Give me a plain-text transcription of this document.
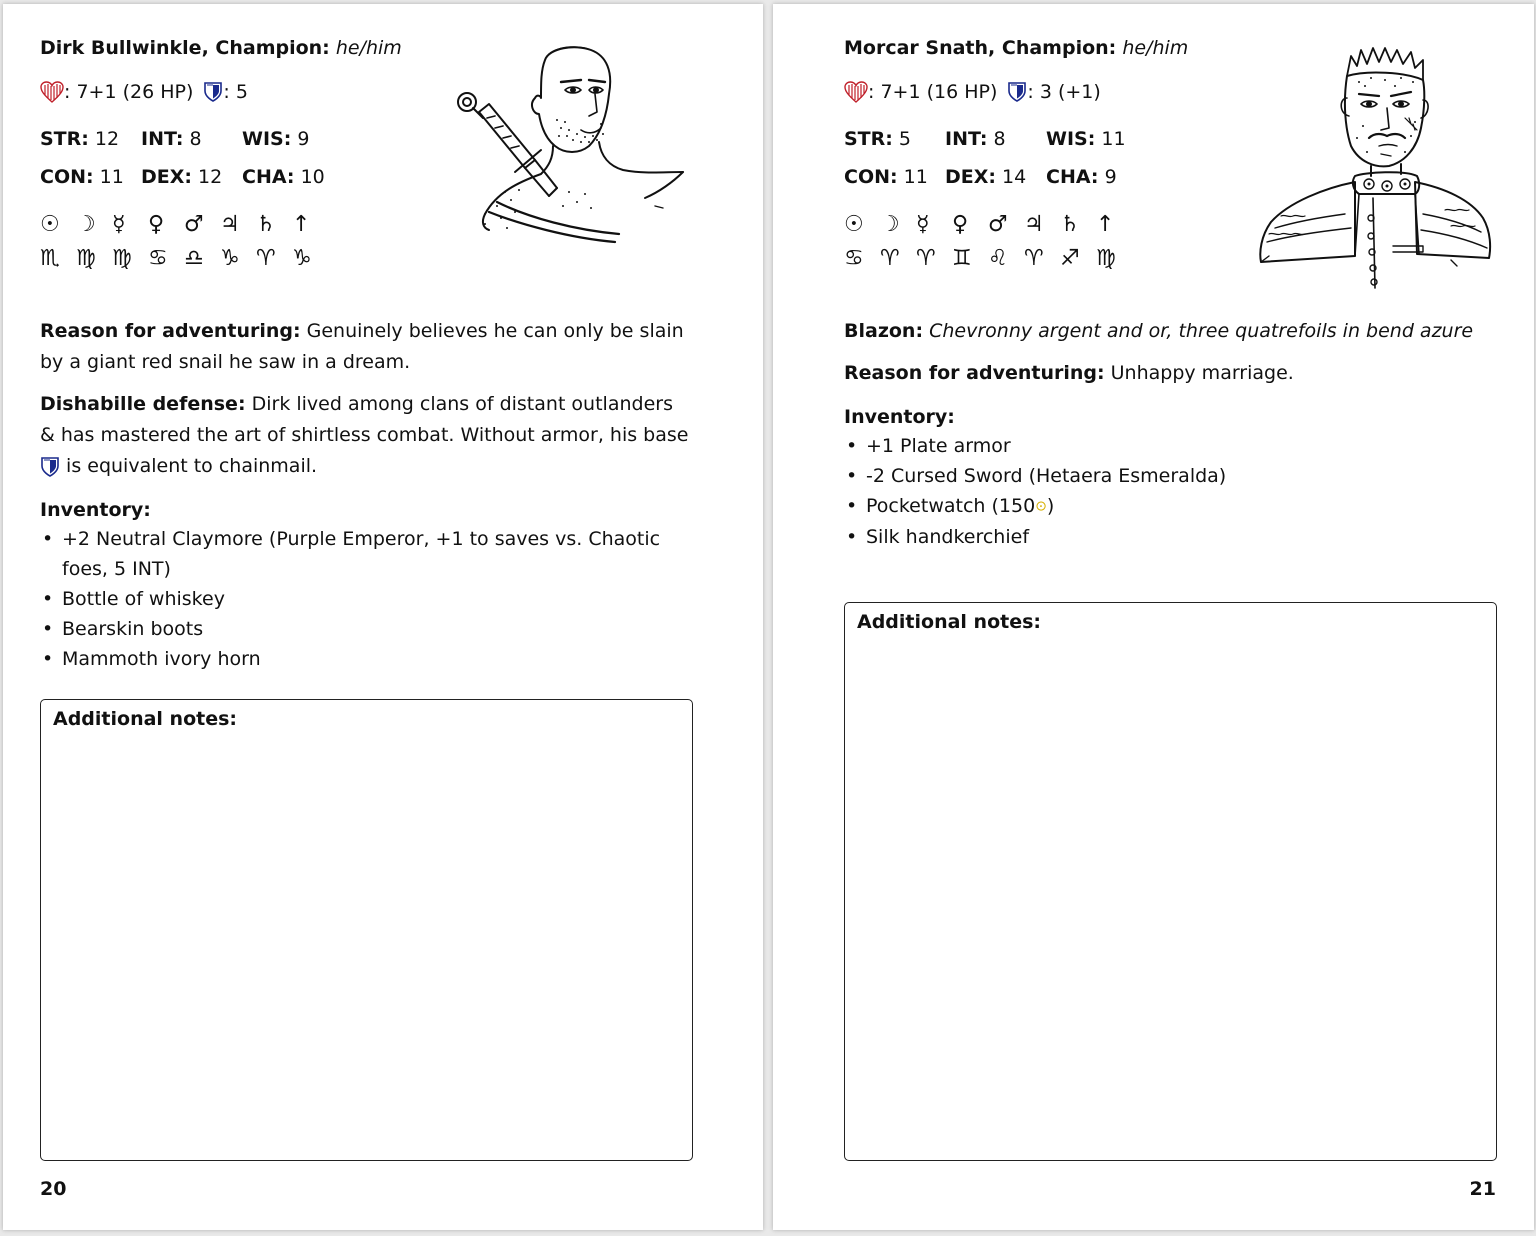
Dirk Bullwinkle, Champion: he/him
: 7+1 (26 HP) : 5
STR: 12	INT: 8	WIS: 9
CON: 11 DEX: 12	CHA: 10
☉ ☽ ☿	♀ ♂ ♃ ♄ ↑
♏ ♍ ♍ ♋ ♎ ♑ ♈ ♑
Reason for adventuring: Genuinely believes he can only be slain by a giant red snail he saw in a dream.
Dishabille defense: Dirk lived among clans of distant outlanders & has mastered the art of shirtless combat. Without armor, his base  is equivalent to chainmail.
Inventory:
• +2 Neutral Claymore (Purple Emperor, +1 to saves vs. Chaotic foes, 5 INT)
• Bottle of whiskey
• Bearskin boots
• Mammoth ivory horn
Additional notes:
20
Morcar Snath, Champion: he/him
: 7+1 (16 HP) : 3 (+1)
STR: 5	INT: 8	WIS: 11
CON: 11 DEX: 14	CHA: 9
☉ ☽ ☿	♀ ♂ ♃ ♄ ↑
♋ ♈ ♈ ♊ ♌ ♈ ♐ ♍
Blazon: Chevronny argent and or, three quatrefoils in bend azure
Reason for adventuring: Unhappy marriage.
Inventory:
• +1 Plate armor
• -2 Cursed Sword (Hetaera Esmeralda)
• Pocketwatch (150⊙)
• Silk handkerchief
Additional notes:
21
